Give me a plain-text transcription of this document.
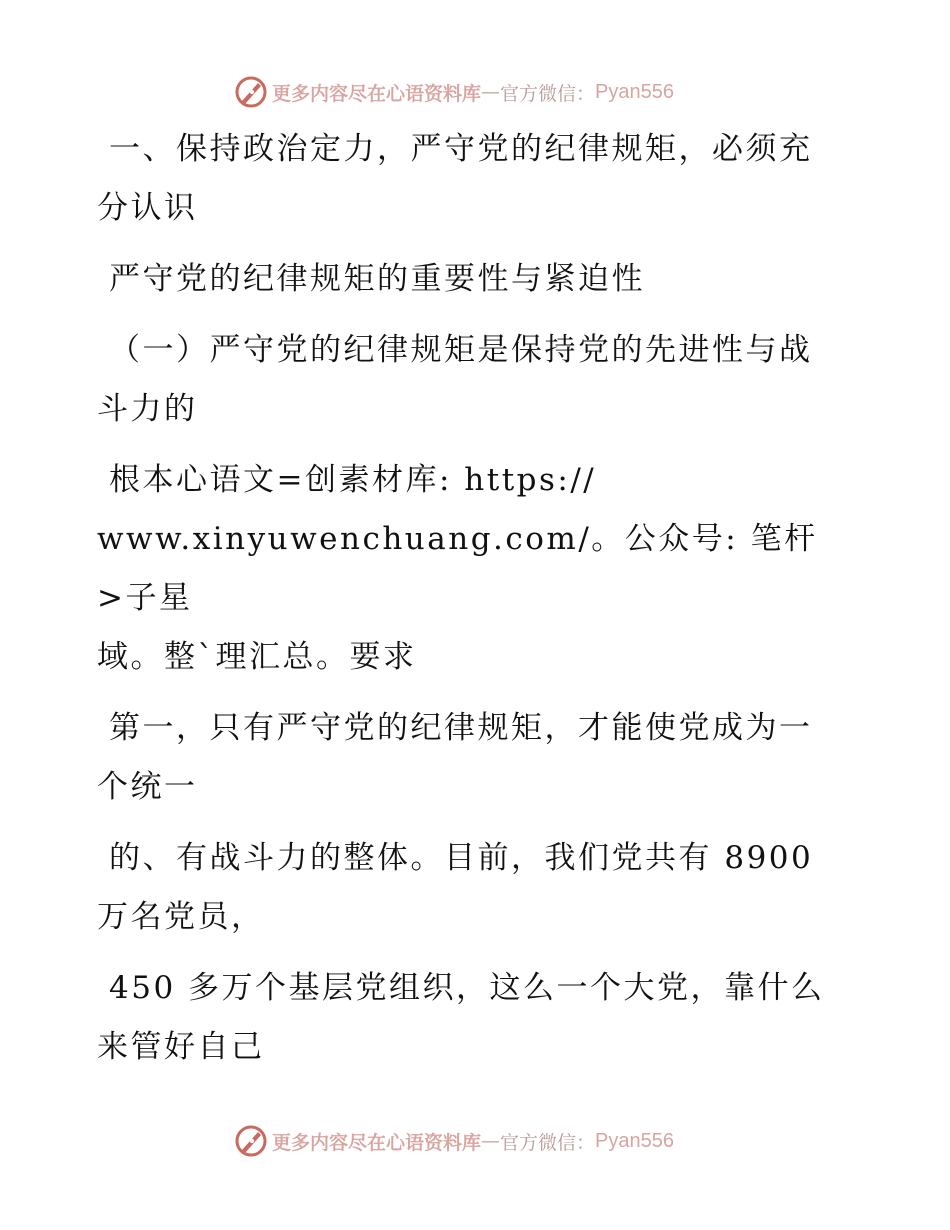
更多内容尽在心语资料库 — 官方微信： Pyan556

一、保持政治定力，严守党的纪律规矩，必须充
分认识

严守党的纪律规矩的重要性与紧迫性

（一）严守党的纪律规矩是保持党的先进性与战
斗力的

根本心语文=创素材库: https://
www.xinyuwenchuang.com/。公众号: 笔杆>子星
域。整`理汇总。要求

第一，只有严守党的纪律规矩，才能使党成为一
个统一

的、有战斗力的整体。目前，我们党共有 8900
万名党员，

450 多万个基层党组织，这么一个大党，靠什么
来管好自己

更多内容尽在心语资料库 — 官方微信： Pyan556
